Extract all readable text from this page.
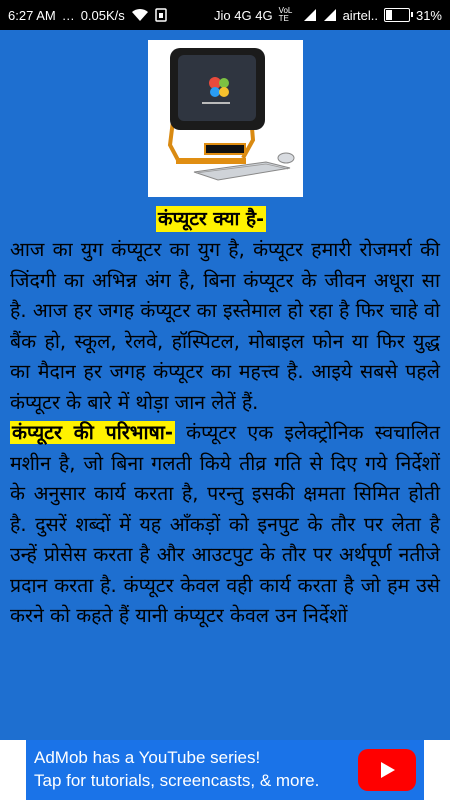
6:27 AM … 0.05K/s	Jio 4G 4G VoLTE	airtel..	31%
कंप्यूटर क्या है-

आज का युग कंप्यूटर का युग है, कंप्यूटर हमारी रोजमर्रा की जिंदगी का अभिन्न अंग है, बिना कंप्यूटर के जीवन अधूरा सा है. आज हर जगह कंप्यूटर का इस्तेमाल हो रहा है फिर चाहे वो बैंक हो, स्कूल, रेलवे, हॉस्पिटल, मोबाइल फोन या फिर युद्ध का मैदान हर जगह कंप्यूटर का महत्त्व है. आइये सबसे पहले कंप्यूटर के बारे में थोड़ा जान लेतें हैं.

कंप्यूटर की परिभाषा- कंप्यूटर एक इलेक्ट्रोनिक स्वचालित मशीन है, जो बिना गलती किये तीव्र गति से दिए गये निर्देशों के अनुसार कार्य करता है, परन्तु इसकी क्षमता सिमित होती है. दुसरें शब्दों में यह आँकड़ों को इनपुट के तौर पर लेता है उन्हें प्रोसेस करता है और आउटपुट के तौर पर अर्थपूर्ण नतीजे प्रदान करता है. कंप्यूटर केवल वही कार्य करता है जो हम उसे करने को कहते हैं यानी कंप्यूटर केवल उन निर्देशों

AdMob has a YouTube series!
Tap for tutorials, screencasts, & more.
